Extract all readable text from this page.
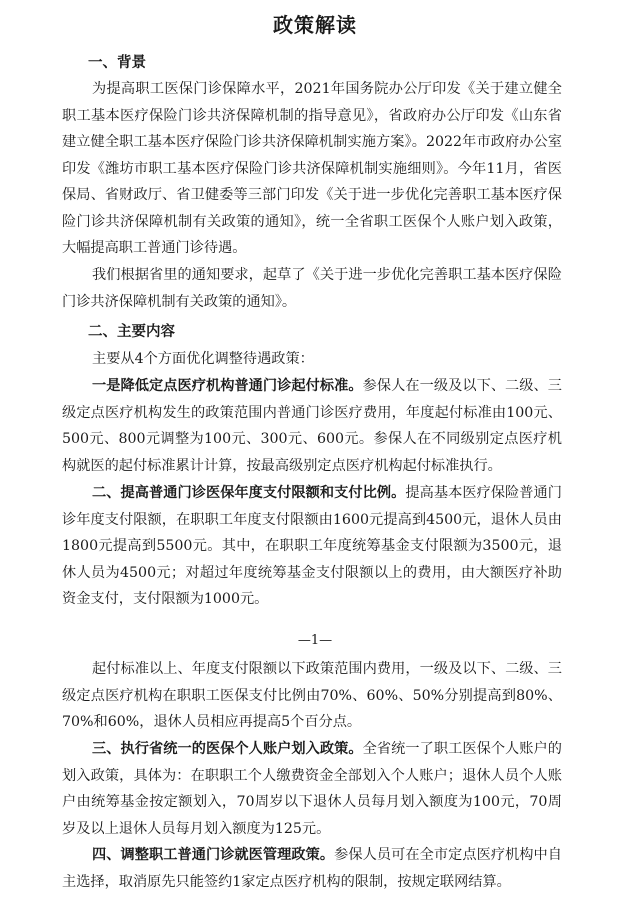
政策解读
一、背景
为提高职工医保门诊保障水平，2021年国务院办公厅印发《关于建立健全职工基本医疗保险门诊共济保障机制的指导意见》，省政府办公厅印发《山东省建立健全职工基本医疗保险门诊共济保障机制实施方案》。2022年市政府办公室印发《潍坊市职工基本医疗保险门诊共济保障机制实施细则》。今年11月，省医保局、省财政厅、省卫健委等三部门印发《关于进一步优化完善职工基本医疗保险门诊共济保障机制有关政策的通知》，统一全省职工医保个人账户划入政策，大幅提高职工普通门诊待遇。
我们根据省里的通知要求，起草了《关于进一步优化完善职工基本医疗保险门诊共济保障机制有关政策的通知》。
二、主要内容
主要从4个方面优化调整待遇政策：
一是降低定点医疗机构普通门诊起付标准。参保人在一级及以下、二级、三级定点医疗机构发生的政策范围内普通门诊医疗费用，年度起付标准由100元、500元、800元调整为100元、300元、600元。参保人在不同级别定点医疗机构就医的起付标准累计计算，按最高级别定点医疗机构起付标准执行。
二、提高普通门诊医保年度支付限额和支付比例。提高基本医疗保险普通门诊年度支付限额，在职职工年度支付限额由1600元提高到4500元，退休人员由1800元提高到5500元。其中，在职职工年度统筹基金支付限额为3500元，退休人员为4500元；对超过年度统筹基金支付限额以上的费用，由大额医疗补助资金支付，支付限额为1000元。
—1—
起付标准以上、年度支付限额以下政策范围内费用，一级及以下、二级、三级定点医疗机构在职职工医保支付比例由70%、60%、50%分别提高到80%、70%和60%，退休人员相应再提高5个百分点。
三、执行省统一的医保个人账户划入政策。全省统一了职工医保个人账户的划入政策，具体为：在职职工个人缴费资金全部划入个人账户；退休人员个人账户由统筹基金按定额划入，70周岁以下退休人员每月划入额度为100元，70周岁及以上退休人员每月划入额度为125元。
四、调整职工普通门诊就医管理政策。参保人员可在全市定点医疗机构中自主选择，取消原先只能签约1家定点医疗机构的限制，按规定联网结算。
